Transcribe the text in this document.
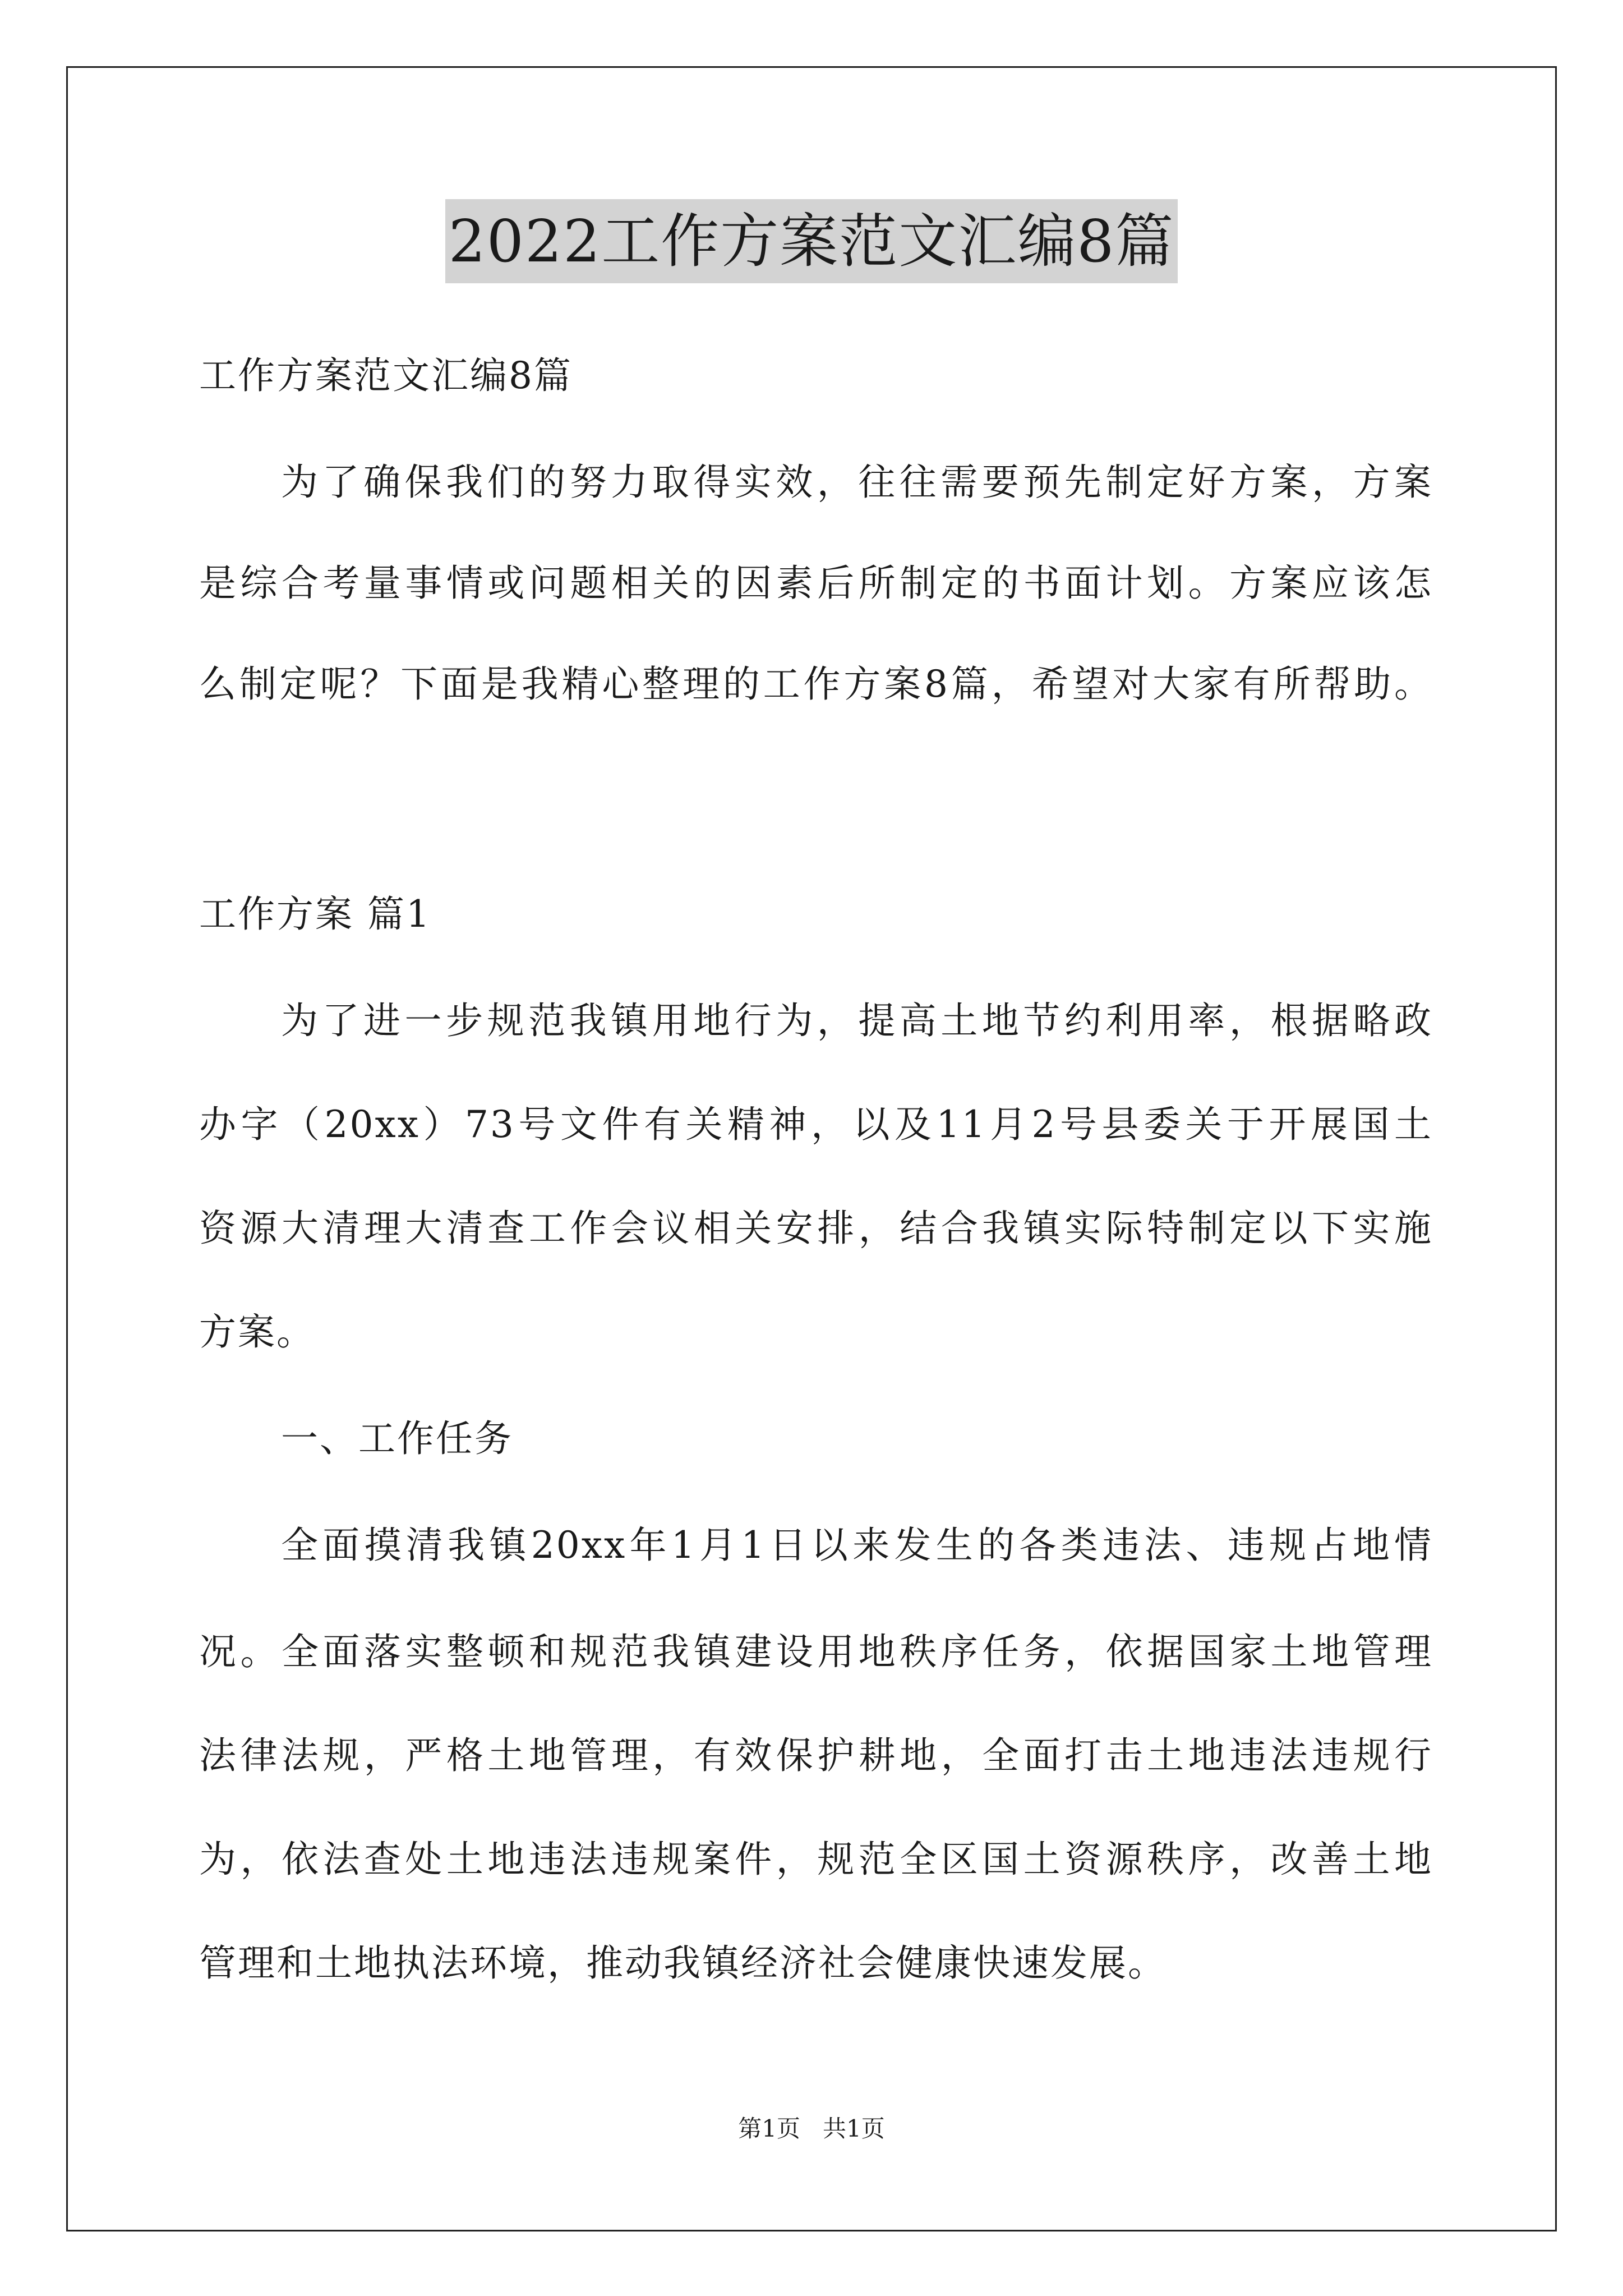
2022工作方案范文汇编8篇
工作方案范文汇编8篇
为了确保我们的努力取得实效，往往需要预先制定好方案，方案
是综合考量事情或问题相关的因素后所制定的书面计划。方案应该怎
么制定呢？下面是我精心整理的工作方案8篇，希望对大家有所帮助。
工作方案 篇1
为了进一步规范我镇用地行为，提高土地节约利用率，根据略政
办字（20xx）73号文件有关精神，以及11月2号县委关于开展国土
资源大清理大清查工作会议相关安排，结合我镇实际特制定以下实施
方案。
一、工作任务
全面摸清我镇20xx年1月1日以来发生的各类违法、违规占地情
况。全面落实整顿和规范我镇建设用地秩序任务，依据国家土地管理
法律法规，严格土地管理，有效保护耕地，全面打击土地违法违规行
为，依法查处土地违法违规案件，规范全区国土资源秩序，改善土地
管理和土地执法环境，推动我镇经济社会健康快速发展。
第1页   共1页
